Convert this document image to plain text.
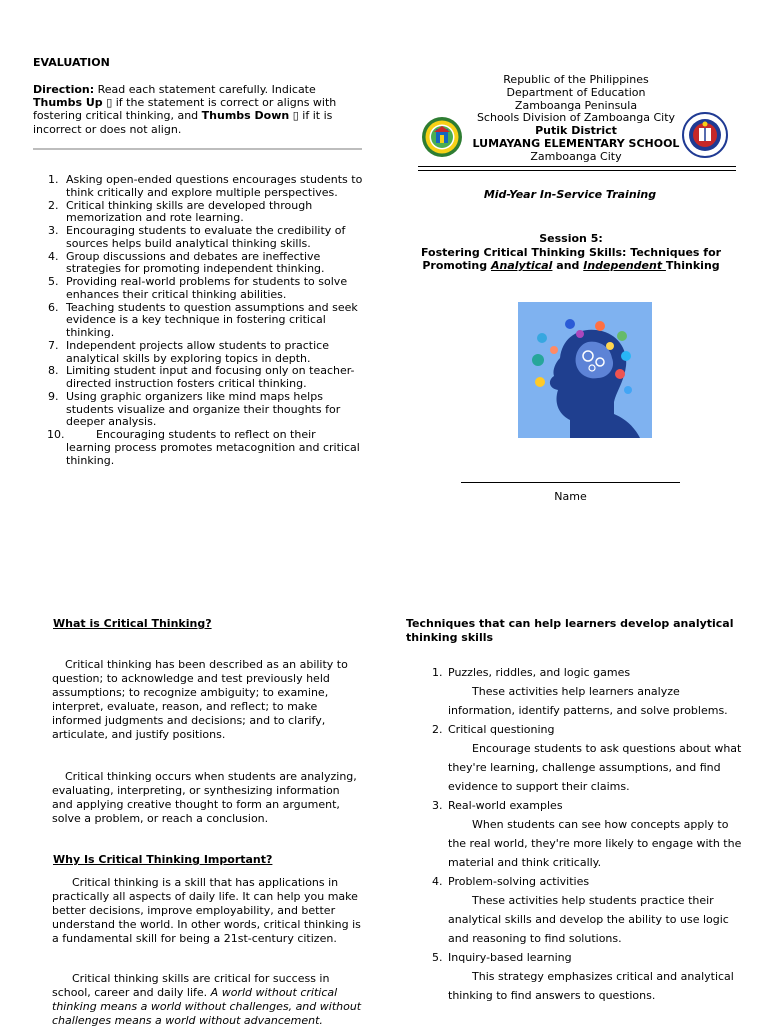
EVALUATION
Direction: Read each statement carefully. Indicate Thumbs Up ▯ if the statement is correct or aligns with fostering critical thinking, and Thumbs Down ▯ if it is incorrect or does not align.
1. Asking open-ended questions encourages students to think critically and explore multiple perspectives.
2. Critical thinking skills are developed through memorization and rote learning.
3. Encouraging students to evaluate the credibility of sources helps build analytical thinking skills.
4. Group discussions and debates are ineffective strategies for promoting independent thinking.
5. Providing real-world problems for students to solve enhances their critical thinking abilities.
6. Teaching students to question assumptions and seek evidence is a key technique in fostering critical thinking.
7. Independent projects allow students to practice analytical skills by exploring topics in depth.
8. Limiting student input and focusing only on teacher-directed instruction fosters critical thinking.
9. Using graphic organizers like mind maps helps students visualize and organize their thoughts for deeper analysis.
10.	Encouraging students to reflect on their learning process promotes metacognition and critical thinking.
Republic of the Philippines
Department of Education
Zamboanga Peninsula
Schools Division of Zamboanga City
Putik District
LUMAYANG ELEMENTARY SCHOOL
Zamboanga City
Mid-Year In-Service Training
Session 5:
Fostering Critical Thinking Skills: Techniques for Promoting Analytical and Independent Thinking
Name
What is Critical Thinking?
Critical thinking has been described as an ability to question; to acknowledge and test previously held assumptions; to recognize ambiguity; to examine, interpret, evaluate, reason, and reflect; to make informed judgments and decisions; and to clarify, articulate, and justify positions.
Critical thinking occurs when students are analyzing, evaluating, interpreting, or synthesizing information and applying creative thought to form an argument, solve a problem, or reach a conclusion.
Why Is Critical Thinking Important?
Critical thinking is a skill that has applications in practically all aspects of daily life. It can help you make better decisions, improve employability, and better understand the world. In other words, critical thinking is a fundamental skill for being a 21st-century citizen.
Critical thinking skills are critical for success in school, career and daily life. A world without critical thinking means a world without challenges, and without challenges means a world without advancement.
Techniques that can help learners develop analytical thinking skills
1. Puzzles, riddles, and logic games
These activities help learners analyze information, identify patterns, and solve problems.
2. Critical questioning
Encourage students to ask questions about what they're learning, challenge assumptions, and find evidence to support their claims.
3. Real-world examples
When students can see how concepts apply to the real world, they're more likely to engage with the material and think critically.
4. Problem-solving activities
These activities help students practice their analytical skills and develop the ability to use logic and reasoning to find solutions.
5. Inquiry-based learning
This strategy emphasizes critical and analytical thinking to find answers to questions.
